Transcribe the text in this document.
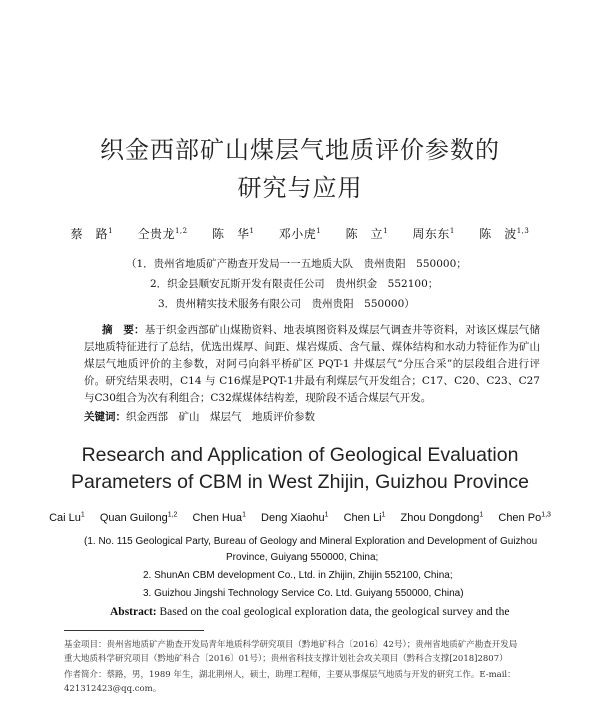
织金西部矿山煤层气地质评价参数的
研究与应用
蔡　路$^1$ 仝贵龙$^{1,2}$ 陈　华$^1$ 邓小虎$^1$ 陈　立$^1$ 周东东$^1$ 陈　波$^{1,3}$
（1．贵州省地质矿产勘查开发局一一五地质大队　贵州贵阳　550000；
2．织金县顺安瓦斯开发有限责任公司　贵州织金　552100；
3．贵州精实技术服务有限公司　贵州贵阳　550000）
摘　要：基于织金西部矿山煤勘资料、地表填图资料及煤层气调查井等资料，对该区煤层气储层地质特征进行了总结，优选出煤厚、间距、煤岩煤质、含气量、煤体结构和水动力特征作为矿山煤层气地质评价的主参数，对阿弓向斜平桥矿区 PQT-1 井煤层气“分压合采”的层段组合进行评价。研究结果表明，C14 与 C16煤是PQT-1井最有利煤层气开发组合；C17、C20、C23、C27与C30组合为次有利组合；C32煤煤体结构差，现阶段不适合煤层气开发。
关键词：织金西部　矿山　煤层气　地质评价参数
Research and Application of Geological Evaluation
Parameters of CBM in West Zhijin, Guizhou Province
Cai Lu$^1$ Quan Guilong$^{1,2}$ Chen Hua$^1$ Deng Xiaohu$^1$ Chen Li$^1$ Zhou Dongdong$^1$ Chen Po$^{1,3}$
(1. No. 115 Geological Party, Bureau of Geology and Mineral Exploration and Development of Guizhou
Province, Guiyang 550000, China;
2. ShunAn CBM development Co., Ltd. in Zhijin, Zhijin 552100, China;
3. Guizhou Jingshi Technology Service Co. Ltd. Guiyang 550000, China)
Abstract: Based on the coal geological exploration data, the geological survey and the
基金项目：贵州省地质矿产勘查开发局青年地质科学研究项目（黔地矿科合〔2016〕42号）；贵州省地质矿产勘查开发局
重大地质科学研究项目（黔地矿科合〔2016〕01号）；贵州省科技支撑计划社会攻关项目（黔科合支撑[2018]2807）
作者简介：蔡路，男，1989 年生，湖北荆州人，硕士，助理工程师，主要从事煤层气地质与开发的研究工作。E-mail：
421312423@qq.com。
